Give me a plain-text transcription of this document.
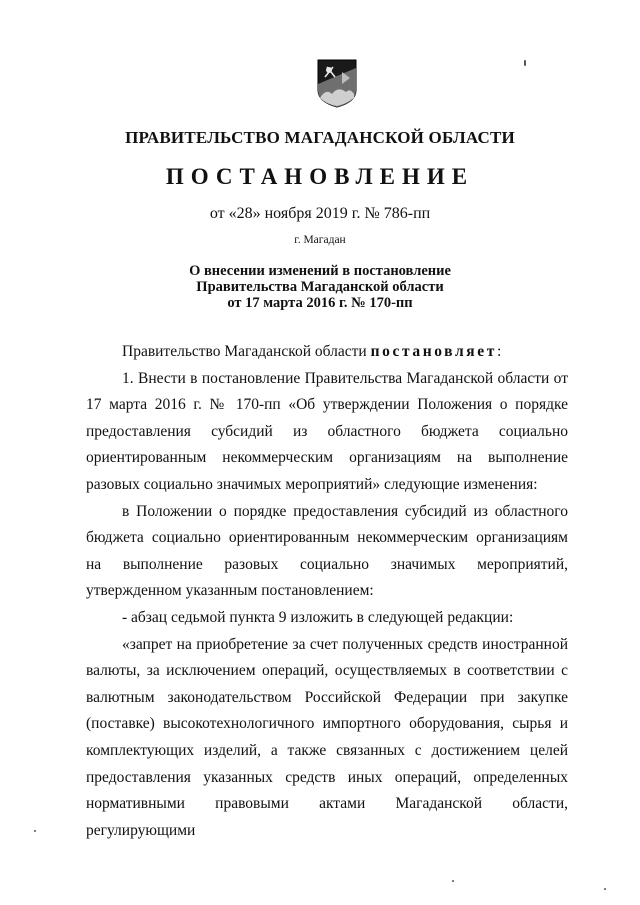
ПРАВИТЕЛЬСТВО МАГАДАНСКОЙ ОБЛАСТИ
ПОСТАНОВЛЕНИЕ
от «28» ноября 2019 г. № 786-пп
г. Магадан
О внесении изменений в постановление
Правительства Магаданской области
от 17 марта 2016 г. № 170-пп

Правительство Магаданской области постановляет:

1. Внести в постановление Правительства Магаданской области от 17 марта 2016 г. № 170-пп «Об утверждении Положения о порядке предоставления субсидий из областного бюджета социально ориентированным некоммерческим организациям на выполнение разовых социально значимых мероприятий» следующие изменения:

в Положении о порядке предоставления субсидий из областного бюджета социально ориентированным некоммерческим организациям на выполнение разовых социально значимых мероприятий, утвержденном указанным постановлением:

- абзац седьмой пункта 9 изложить в следующей редакции:

«запрет на приобретение за счет полученных средств иностранной валюты, за исключением операций, осуществляемых в соответствии с валютным законодательством Российской Федерации при закупке (поставке) высокотехнологичного импортного оборудования, сырья и комплектующих изделий, а также связанных с достижением целей предоставления указанных средств иных операций, определенных нормативными правовыми актами Магаданской области, регулирующими
